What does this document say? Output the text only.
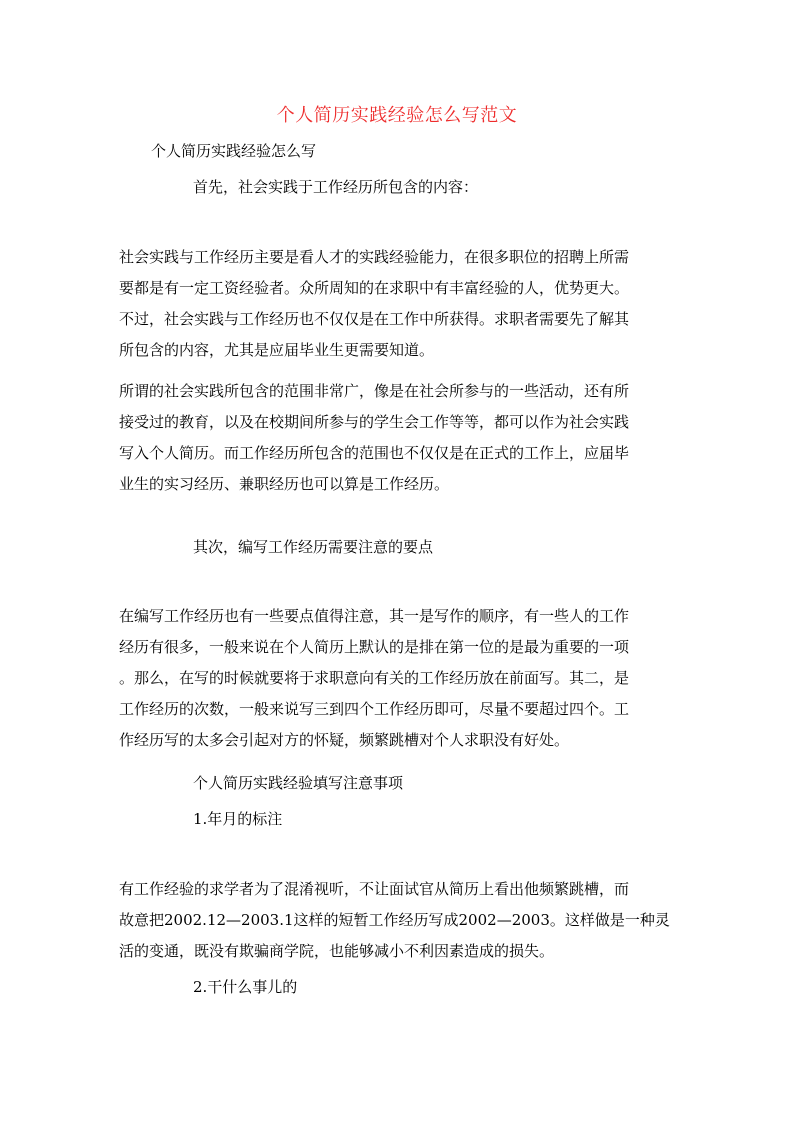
个人简历实践经验怎么写范文
个人简历实践经验怎么写
首先，社会实践于工作经历所包含的内容：
社会实践与工作经历主要是看人才的实践经验能力，在很多职位的招聘上所需
要都是有一定工资经验者。众所周知的在求职中有丰富经验的人，优势更大。
不过，社会实践与工作经历也不仅仅是在工作中所获得。求职者需要先了解其
所包含的内容，尤其是应届毕业生更需要知道。
所谓的社会实践所包含的范围非常广，像是在社会所参与的一些活动，还有所
接受过的教育，以及在校期间所参与的学生会工作等等，都可以作为社会实践
写入个人简历。而工作经历所包含的范围也不仅仅是在正式的工作上，应届毕
业生的实习经历、兼职经历也可以算是工作经历。
其次，编写工作经历需要注意的要点
在编写工作经历也有一些要点值得注意，其一是写作的顺序，有一些人的工作
经历有很多，一般来说在个人简历上默认的是排在第一位的是最为重要的一项
。那么，在写的时候就要将于求职意向有关的工作经历放在前面写。其二，是
工作经历的次数，一般来说写三到四个工作经历即可，尽量不要超过四个。工
作经历写的太多会引起对方的怀疑，频繁跳槽对个人求职没有好处。
个人简历实践经验填写注意事项
1.年月的标注
有工作经验的求学者为了混淆视听，不让面试官从简历上看出他频繁跳槽，而
故意把2002.12—2003.1这样的短暂工作经历写成2002—2003。这样做是一种灵
活的变通，既没有欺骗商学院，也能够减小不利因素造成的损失。
2.干什么事儿的
